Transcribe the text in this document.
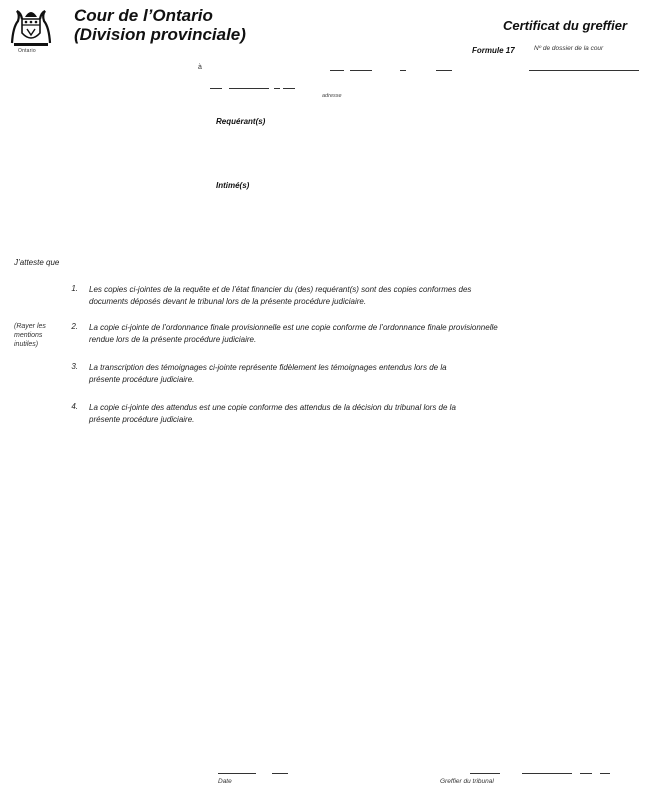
Ontario
Cour de l’Ontario
(Division provinciale)	Certificat du greffier
Formule 17	Nº de dossier de la cour
à
adresse
Requérant(s)
Intimé(s)
J’atteste que
(Rayer les mentions inutiles)
1. Les copies ci-jointes de la requête et de l’état financier du (des) requérant(s) sont des copies conformes des
documents déposés devant le tribunal lors de la présente procédure judiciaire.
2. La copie ci-jointe de l’ordonnance finale provisionnelle est une copie conforme de l’ordonnance finale provisionnelle
rendue lors de la présente procédure judiciaire.
3. La transcription des témoignages ci-jointe représente fidèlement les témoignages entendus lors de la
présente procédure judiciaire.
4. La copie ci-jointe des attendus est une copie conforme des attendus de la décision du tribunal lors de la
présente procédure judiciaire.
Date	Greffier du tribunal
